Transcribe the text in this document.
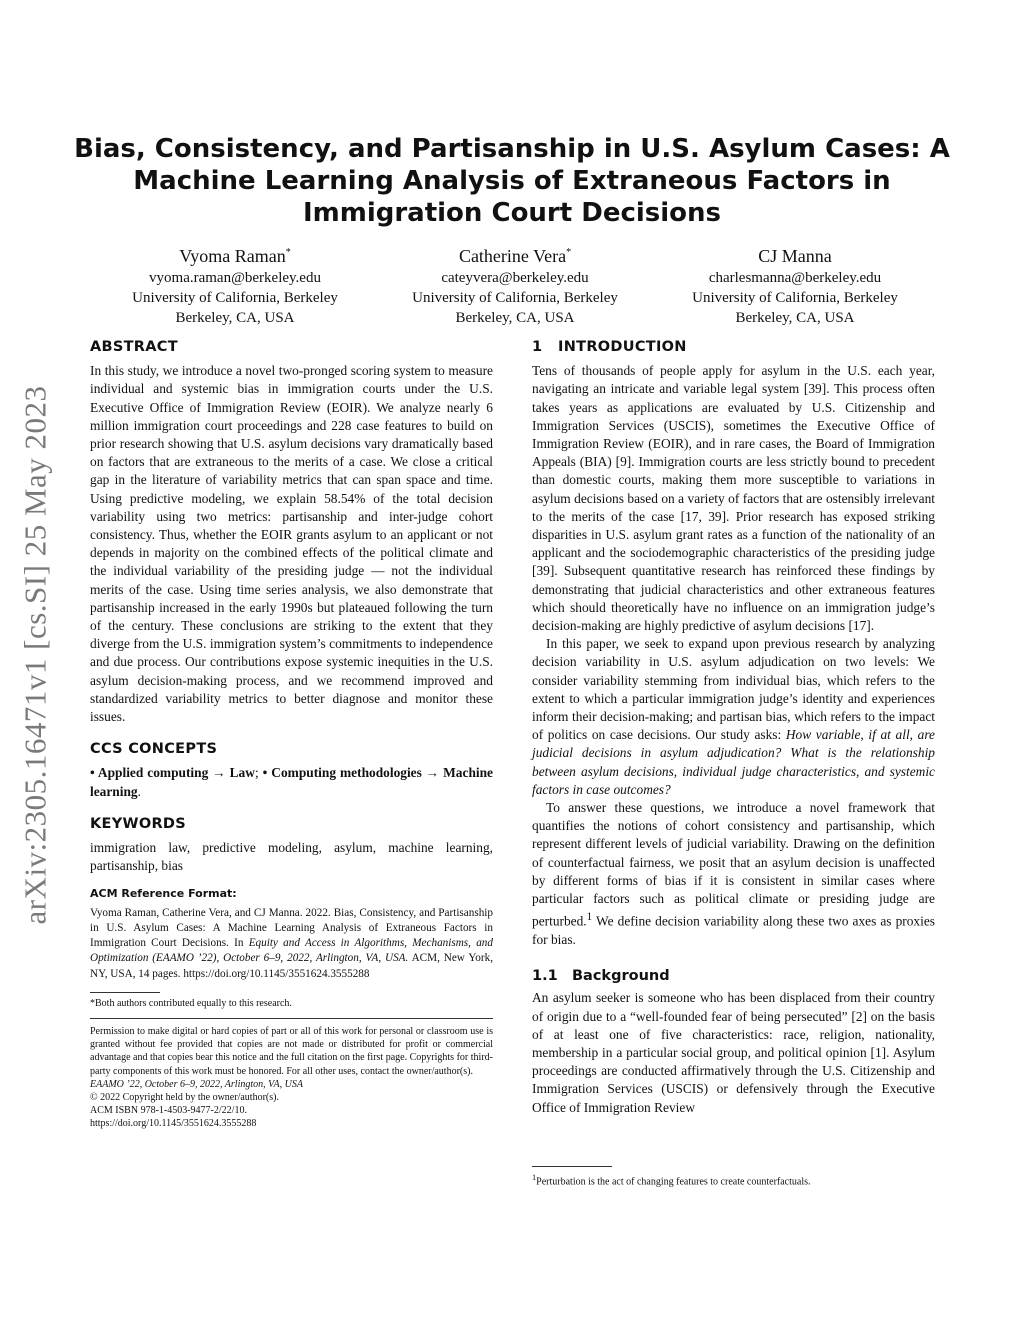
arXiv:2305.16471v1 [cs.SI] 25 May 2023
Bias, Consistency, and Partisanship in U.S. Asylum Cases: A Machine Learning Analysis of Extraneous Factors in Immigration Court Decisions
Vyoma Raman*
vyoma.raman@berkeley.edu
University of California, Berkeley
Berkeley, CA, USA
Catherine Vera*
cateyvera@berkeley.edu
University of California, Berkeley
Berkeley, CA, USA
CJ Manna
charlesmanna@berkeley.edu
University of California, Berkeley
Berkeley, CA, USA
ABSTRACT

In this study, we introduce a novel two-pronged scoring system to measure individual and systemic bias in immigration courts under the U.S. Executive Office of Immigration Review (EOIR). We analyze nearly 6 million immigration court proceedings and 228 case features to build on prior research showing that U.S. asylum decisions vary dramatically based on factors that are extraneous to the merits of a case. We close a critical gap in the literature of variability metrics that can span space and time. Using predictive modeling, we explain 58.54% of the total decision variability using two metrics: partisanship and inter-judge cohort consistency. Thus, whether the EOIR grants asylum to an applicant or not depends in majority on the combined effects of the political climate and the individual variability of the presiding judge — not the individual merits of the case. Using time series analysis, we also demonstrate that partisanship increased in the early 1990s but plateaued following the turn of the century. These conclusions are striking to the extent that they diverge from the U.S. immigration system’s commitments to independence and due process. Our contributions expose systemic inequities in the U.S. asylum decision-making process, and we recommend improved and standardized variability metrics to better diagnose and monitor these issues.

CCS CONCEPTS

• Applied computing → Law; • Computing methodologies → Machine learning.

KEYWORDS

immigration law, predictive modeling, asylum, machine learning, partisanship, bias

ACM Reference Format:

Vyoma Raman, Catherine Vera, and CJ Manna. 2022. Bias, Consistency, and Partisanship in U.S. Asylum Cases: A Machine Learning Analysis of Extraneous Factors in Immigration Court Decisions. In Equity and Access in Algorithms, Mechanisms, and Optimization (EAAMO ’22), October 6–9, 2022, Arlington, VA, USA. ACM, New York, NY, USA, 14 pages. https://doi.org/10.1145/3551624.3555288

*Both authors contributed equally to this research.
Permission to make digital or hard copies of part or all of this work for personal or classroom use is granted without fee provided that copies are not made or distributed for profit or commercial advantage and that copies bear this notice and the full citation on the first page. Copyrights for third-party components of this work must be honored. For all other uses, contact the owner/author(s).
EAAMO ’22, October 6–9, 2022, Arlington, VA, USA
© 2022 Copyright held by the owner/author(s).
ACM ISBN 978-1-4503-9477-2/22/10.
https://doi.org/10.1145/3551624.3555288
1 INTRODUCTION

Tens of thousands of people apply for asylum in the U.S. each year, navigating an intricate and variable legal system [39]. This process often takes years as applications are evaluated by U.S. Citizenship and Immigration Services (USCIS), sometimes the Executive Office of Immigration Review (EOIR), and in rare cases, the Board of Immigration Appeals (BIA) [9]. Immigration courts are less strictly bound to precedent than domestic courts, making them more susceptible to variations in asylum decisions based on a variety of factors that are ostensibly irrelevant to the merits of the case [17, 39]. Prior research has exposed striking disparities in U.S. asylum grant rates as a function of the nationality of an applicant and the sociodemographic characteristics of the presiding judge [39]. Subsequent quantitative research has reinforced these findings by demonstrating that judicial characteristics and other extraneous features which should theoretically have no influence on an immigration judge’s decision-making are highly predictive of asylum decisions [17].

In this paper, we seek to expand upon previous research by analyzing decision variability in U.S. asylum adjudication on two levels: We consider variability stemming from individual bias, which refers to the extent to which a particular immigration judge’s identity and experiences inform their decision-making; and partisan bias, which refers to the impact of politics on case decisions. Our study asks: How variable, if at all, are judicial decisions in asylum adjudication? What is the relationship between asylum decisions, individual judge characteristics, and systemic factors in case outcomes?

To answer these questions, we introduce a novel framework that quantifies the notions of cohort consistency and partisanship, which represent different levels of judicial variability. Drawing on the definition of counterfactual fairness, we posit that an asylum decision is unaffected by different forms of bias if it is consistent in similar cases where particular factors such as political climate or presiding judge are perturbed.$^1$ We define decision variability along these two axes as proxies for bias.

1.1 Background

An asylum seeker is someone who has been displaced from their country of origin due to a “well-founded fear of being persecuted” [2] on the basis of at least one of five characteristics: race, religion, nationality, membership in a particular social group, and political opinion [1]. Asylum proceedings are conducted affirmatively through the U.S. Citizenship and Immigration Services (USCIS) or defensively through the Executive Office of Immigration Review

$^1$Perturbation is the act of changing features to create counterfactuals.
